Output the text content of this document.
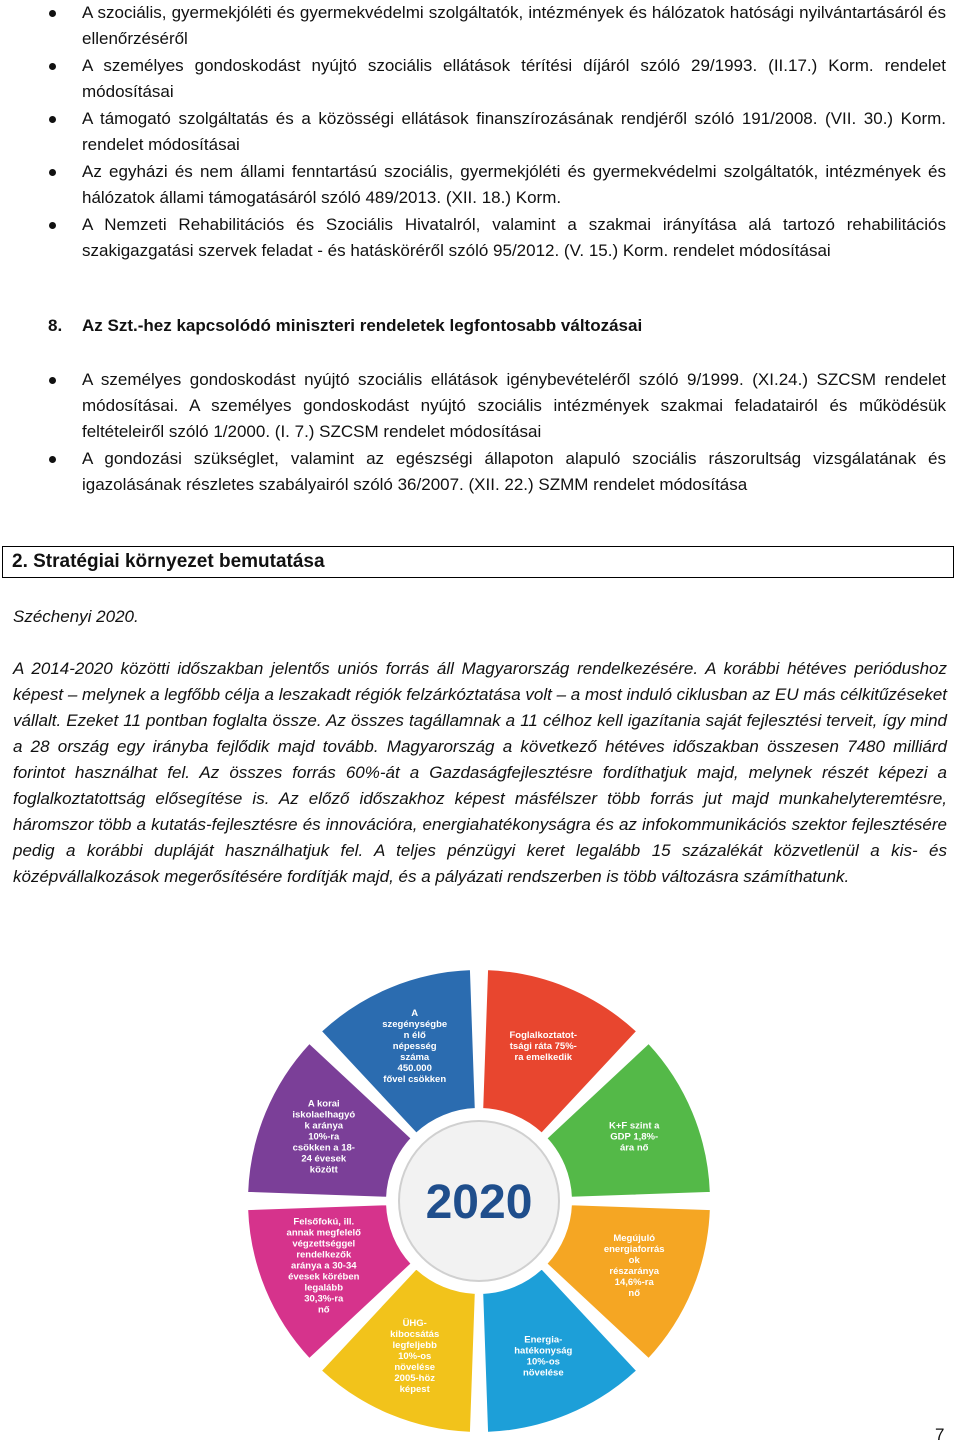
A szociális, gyermekjóléti és gyermekvédelmi szolgáltatók, intézmények és hálózatok hatósági nyilvántartásáról és ellenőrzéséről
A személyes gondoskodást nyújtó szociális ellátások térítési díjáról szóló 29/1993. (II.17.) Korm. rendelet módosításai
A támogató szolgáltatás és a közösségi ellátások finanszírozásának rendjéről szóló 191/2008. (VII. 30.) Korm. rendelet módosításai
Az egyházi és nem állami fenntartású szociális, gyermekjóléti és gyermekvédelmi szolgáltatók, intézmények és hálózatok állami támogatásáról szóló 489/2013. (XII. 18.) Korm.
A Nemzeti Rehabilitációs és Szociális Hivatalról, valamint a szakmai irányítása alá tartozó rehabilitációs szakigazgatási szervek feladat - és hatásköréről szóló 95/2012. (V. 15.) Korm. rendelet módosításai
8. Az Szt.-hez kapcsolódó miniszteri rendeletek legfontosabb változásai
A személyes gondoskodást nyújtó szociális ellátások igénybevételéről szóló 9/1999. (XI.24.) SZCSM rendelet módosításai. A személyes gondoskodást nyújtó szociális intézmények szakmai feladatairól és működésük feltételeiről szóló 1/2000. (I. 7.) SZCSM rendelet módosításai
A gondozási szükséglet, valamint az egészségi állapoton alapuló szociális rászorultság vizsgálatának és igazolásának részletes szabályairól szóló 36/2007. (XII. 22.) SZMM rendelet módosítása
2. Stratégiai környezet bemutatása
Széchenyi 2020.
A 2014-2020 közötti időszakban jelentős uniós forrás áll Magyarország rendelkezésére. A korábbi hétéves periódushoz képest – melynek a legfőbb célja a leszakadt régiók felzárkóztatása volt – a most induló ciklusban az EU más célkitűzéseket vállalt. Ezeket 11 pontban foglalta össze. Az összes tagállamnak a 11 célhoz kell igazítania saját fejlesztési terveit, így mind a 28 ország egy irányba fejlődik majd tovább. Magyarország a következő hétéves időszakban összesen 7480 milliárd forintot használhat fel. Az összes forrás 60%-át a Gazdaságfejlesztésre fordíthatjuk majd, melynek részét képezi a foglalkoztatottság elősegítése is. Az előző időszakhoz képest másfélszer több forrás jut majd munkahelyteremtésre, háromszor több a kutatás-fejlesztésre és innovációra, energiahatékonyságra és az infokommunikációs szektor fejlesztésére pedig a korábbi dupláját használhatjuk fel. A teljes pénzügyi keret legalább 15 százalékát közvetlenül a kis- és középvállalkozások megerősítésére fordítják majd, és a pályázati rendszerben is több változásra számíthatunk.
Foglalkoztatot-tsági ráta 75%-ra emelkedik
K+F szint a GDP 1,8%-ára nő
Megújuló energiaforrás ok részaránya 14,6%-ra nő
Energia-hatékonyság 10%-os növelése
ÜHG-kibocsátás legfeljebb 10%-os növelése 2005-höz képest
Felsőfokú, ill. annak megfelelő végzettséggel rendelkezők aránya a 30-34 évesek körében legalább 30,3%-ra nő
A korai iskolaelhagyó k aránya 10%-ra csökken a 18-24 évesek között
A szegénységbe n élő népesség száma 450.000 fővel csökken
2020
7
